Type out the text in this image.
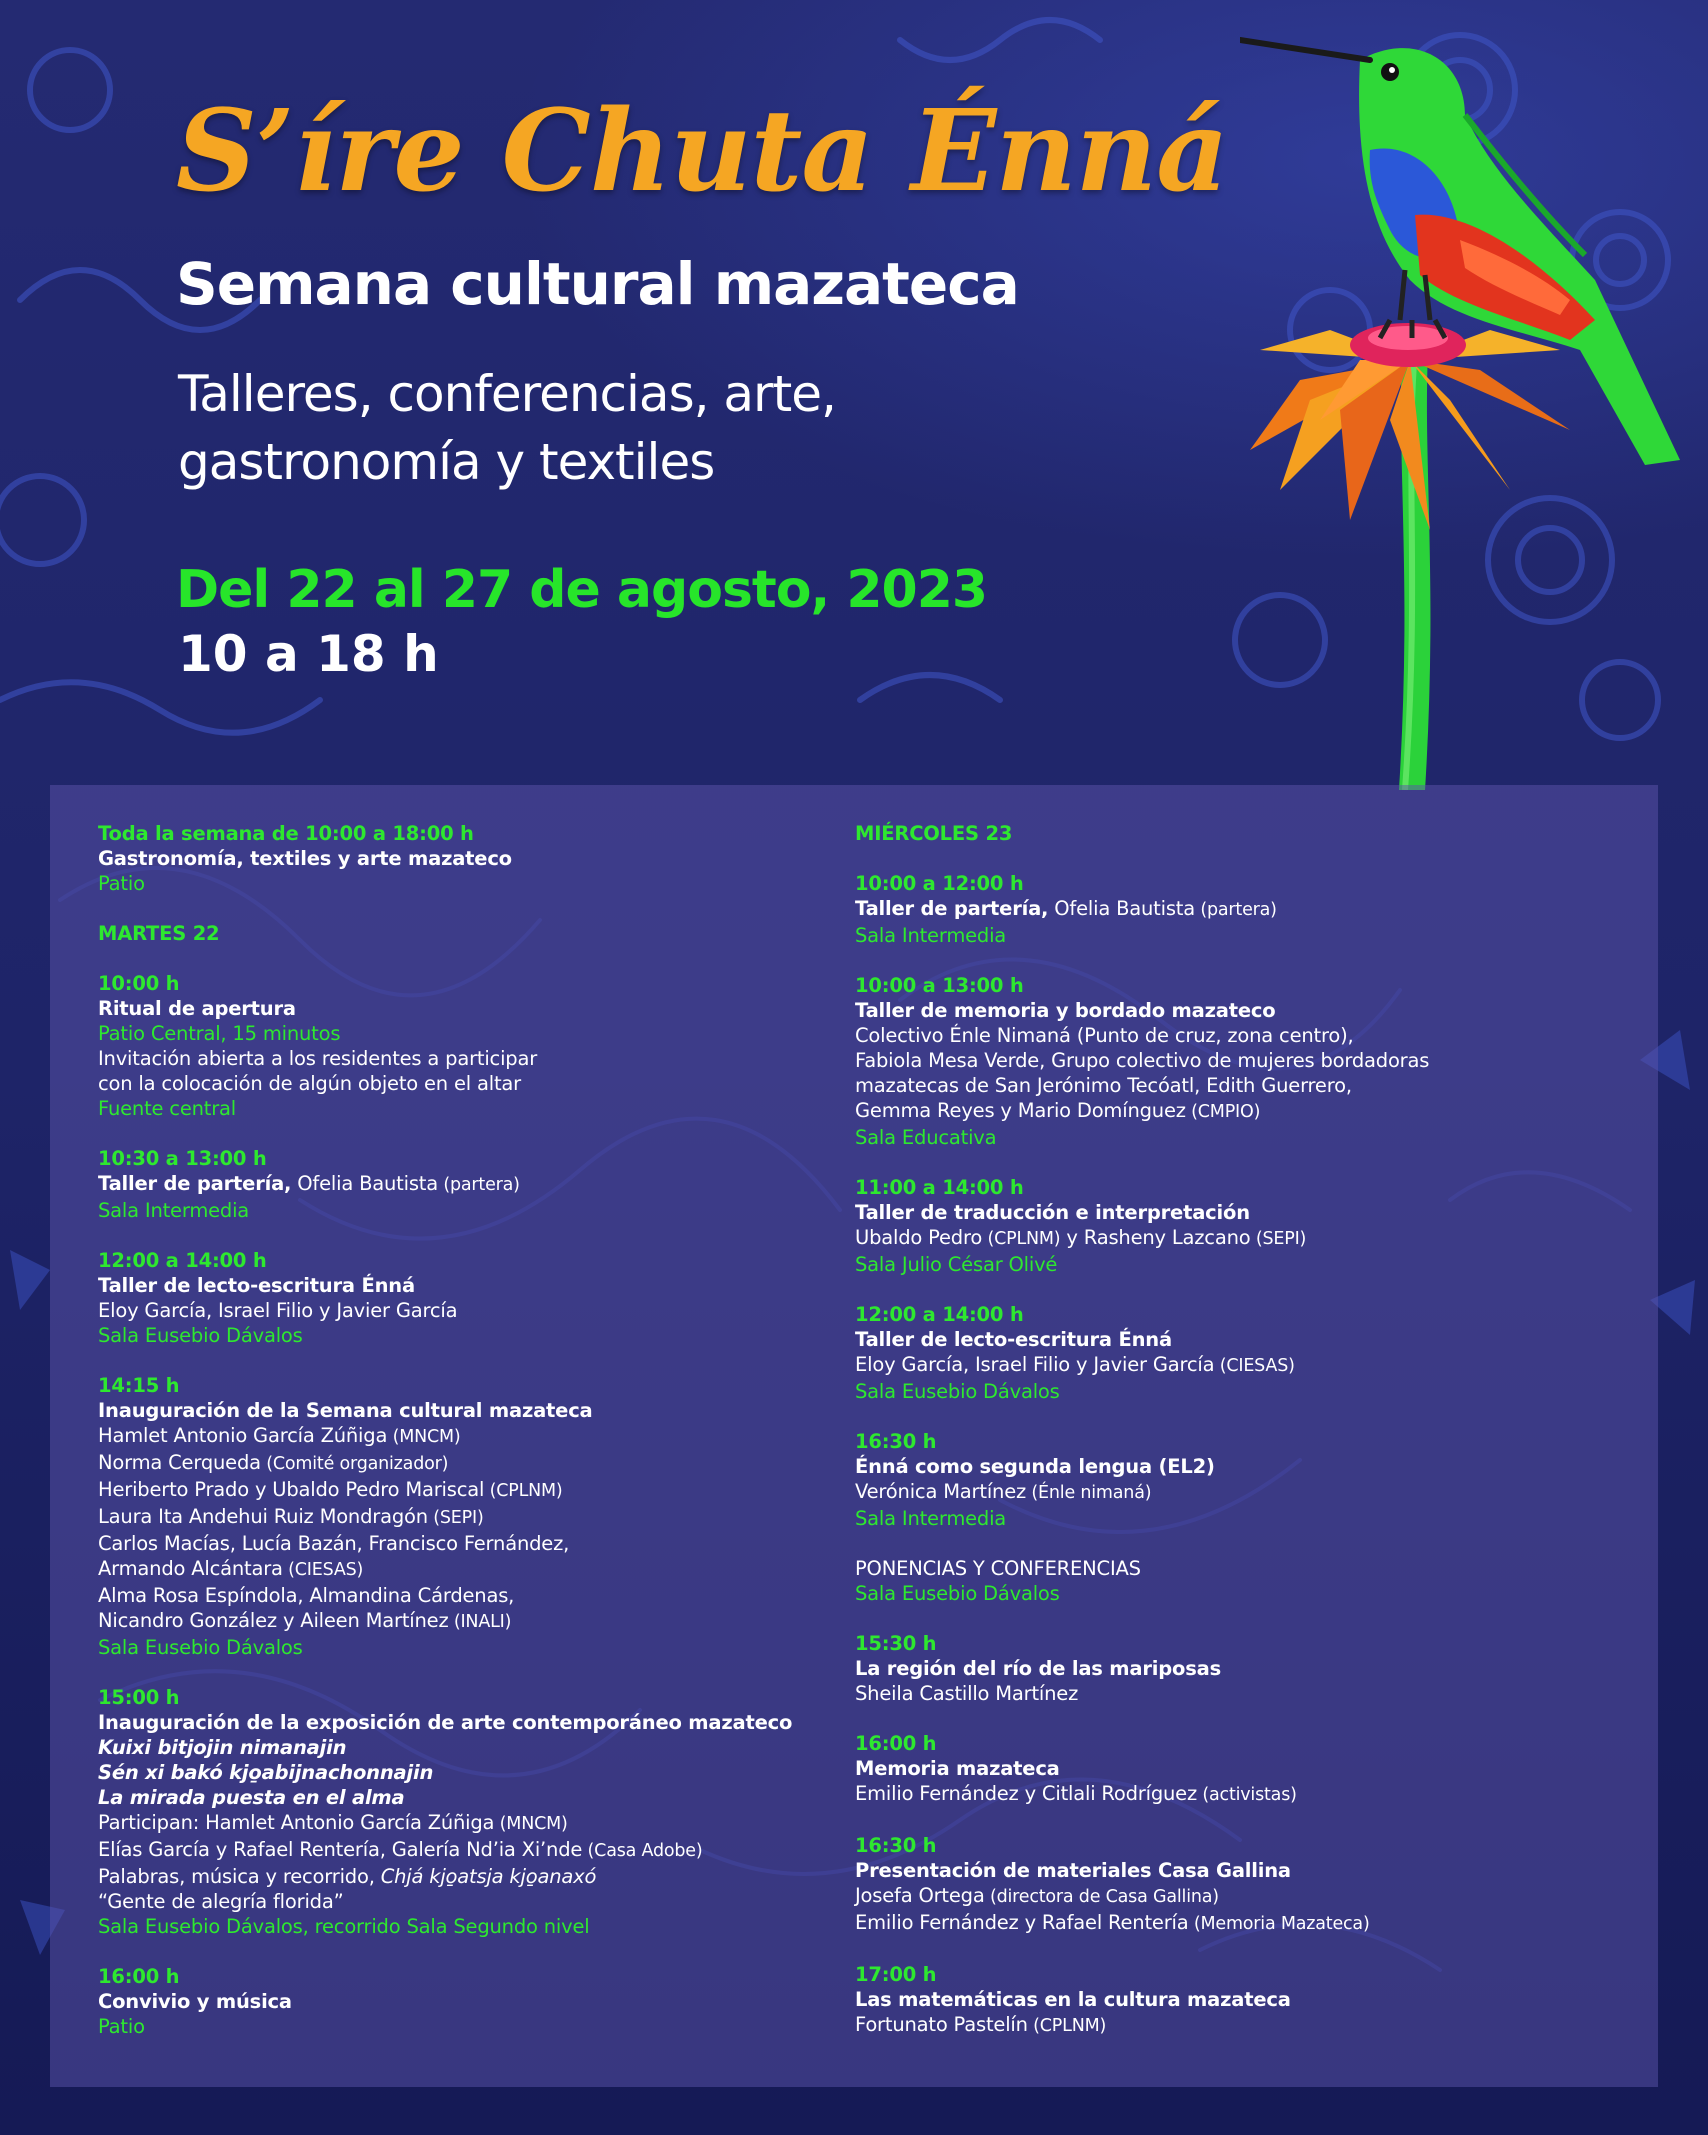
S’íre Chuta Énná
Semana cultural mazateca
Talleres, conferencias, arte,
gastronomía y textiles
Del 22 al 27 de agosto, 2023
10 a 18 h
Toda la semana de 10:00 a 18:00 h
Gastronomía, textiles y arte mazateco
Patio
MARTES 22
10:00 h
Ritual de apertura
Patio Central, 15 minutos
Invitación abierta a los residentes a participar
con la colocación de algún objeto en el altar
Fuente central
10:30 a 13:00 h
Taller de partería, Ofelia Bautista (partera)
Sala Intermedia
12:00 a 14:00 h
Taller de lecto-escritura Énná
Eloy García, Israel Filio y Javier García
Sala Eusebio Dávalos
14:15 h
Inauguración de la Semana cultural mazateca
Hamlet Antonio García Zúñiga (MNCM)
Norma Cerqueda (Comité organizador)
Heriberto Prado y Ubaldo Pedro Mariscal (CPLNM)
Laura Ita Andehui Ruiz Mondragón (SEPI)
Carlos Macías, Lucía Bazán, Francisco Fernández,
Armando Alcántara (CIESAS)
Alma Rosa Espíndola, Almandina Cárdenas,
Nicandro González y Aileen Martínez (INALI)
Sala Eusebio Dávalos
15:00 h
Inauguración de la exposición de arte contemporáneo mazateco
Kuixi bitjojin nimanajin
Sén xi bakó kjo̱abijnachonnajin
La mirada puesta en el alma
Participan: Hamlet Antonio García Zúñiga (MNCM)
Elías García y Rafael Rentería, Galería Nd’ia Xi’nde (Casa Adobe)
Palabras, música y recorrido, Chjá kjo̱atsja kjo̱anaxó
“Gente de alegría florida”
Sala Eusebio Dávalos, recorrido Sala Segundo nivel
16:00 h
Convivio y música
Patio
MIÉRCOLES 23
10:00 a 12:00 h
Taller de partería, Ofelia Bautista (partera)
Sala Intermedia
10:00 a 13:00 h
Taller de memoria y bordado mazateco
Colectivo Énle Nimaná (Punto de cruz, zona centro),
Fabiola Mesa Verde, Grupo colectivo de mujeres bordadoras
mazatecas de San Jerónimo Tecóatl, Edith Guerrero,
Gemma Reyes y Mario Domínguez (CMPIO)
Sala Educativa
11:00 a 14:00 h
Taller de traducción e interpretación
Ubaldo Pedro (CPLNM) y Rasheny Lazcano (SEPI)
Sala Julio César Olivé
12:00 a 14:00 h
Taller de lecto-escritura Énná
Eloy García, Israel Filio y Javier García (CIESAS)
Sala Eusebio Dávalos
16:30 h
Énná como segunda lengua (EL2)
Verónica Martínez (Énle nimaná)
Sala Intermedia
PONENCIAS Y CONFERENCIAS
Sala Eusebio Dávalos
15:30 h
La región del río de las mariposas
Sheila Castillo Martínez
16:00 h
Memoria mazateca
Emilio Fernández y Citlali Rodríguez (activistas)
16:30 h
Presentación de materiales Casa Gallina
Josefa Ortega (directora de Casa Gallina)
Emilio Fernández y Rafael Rentería (Memoria Mazateca)
17:00 h
Las matemáticas en la cultura mazateca
Fortunato Pastelín (CPLNM)
